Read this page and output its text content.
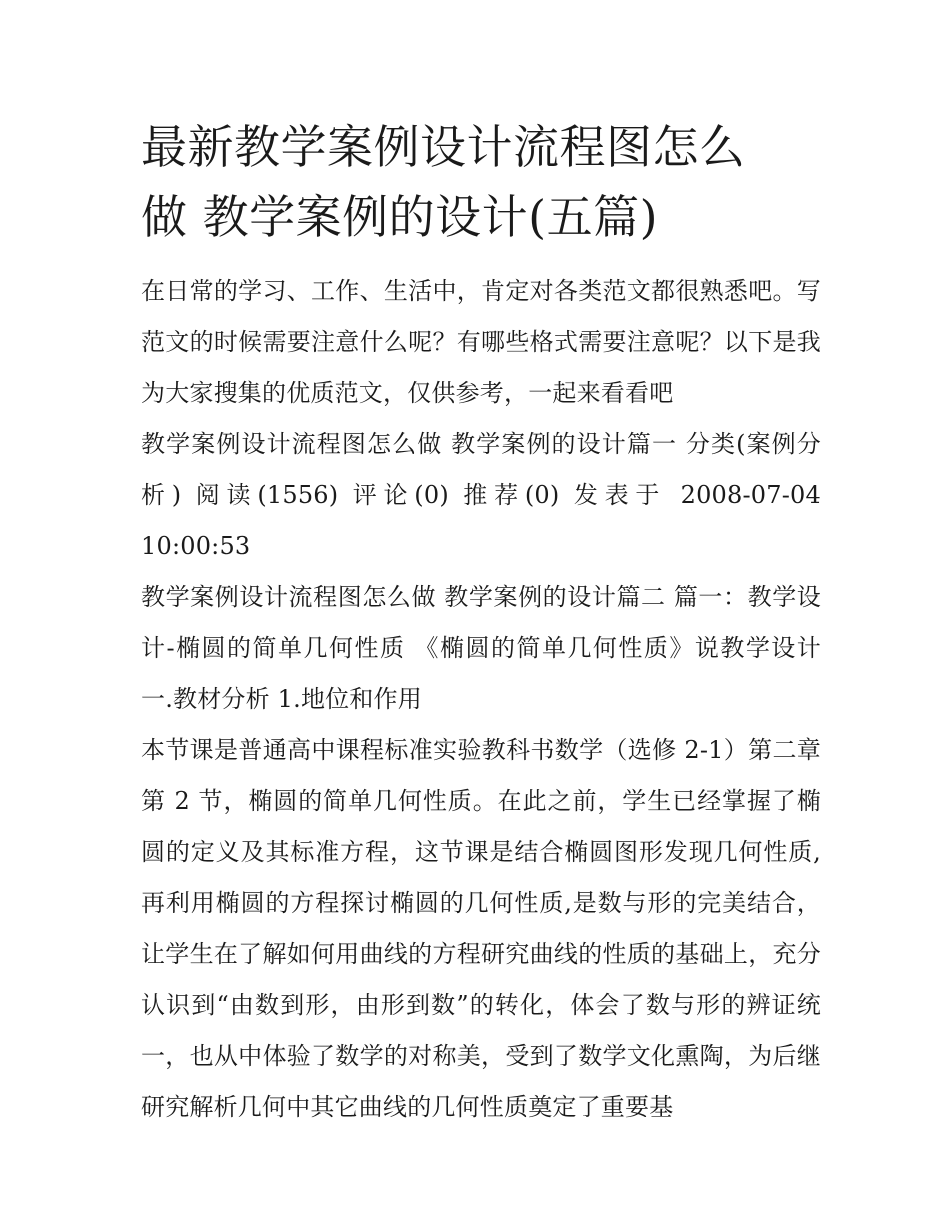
最新教学案例设计流程图怎么
做 教学案例的设计(五篇)

在日常的学习、工作、生活中，肯定对各类范文都很熟悉吧。写范文的时候需要注意什么呢？有哪些格式需要注意呢？以下是我为大家搜集的优质范文，仅供参考，一起来看看吧

教学案例设计流程图怎么做 教学案例的设计篇一 分类(案例分析) 阅读(1556) 评论(0) 推荐(0) 发表于 2008-07-04 10:00:53

教学案例设计流程图怎么做 教学案例的设计篇二 篇一：教学设计-椭圆的简单几何性质 《椭圆的简单几何性质》说教学设计 一.教材分析 1.地位和作用

本节课是普通高中课程标准实验教科书数学（选修 2-1）第二章第 2 节，椭圆的简单几何性质。在此之前，学生已经掌握了椭圆的定义及其标准方程，这节课是结合椭圆图形发现几何性质,再利用椭圆的方程探讨椭圆的几何性质,是数与形的完美结合，让学生在了解如何用曲线的方程研究曲线的性质的基础上，充分认识到“由数到形，由形到数”的转化，体会了数与形的辨证统一，也从中体验了数学的对称美，受到了数学文化熏陶，为后继研究解析几何中其它曲线的几何性质奠定了重要基
